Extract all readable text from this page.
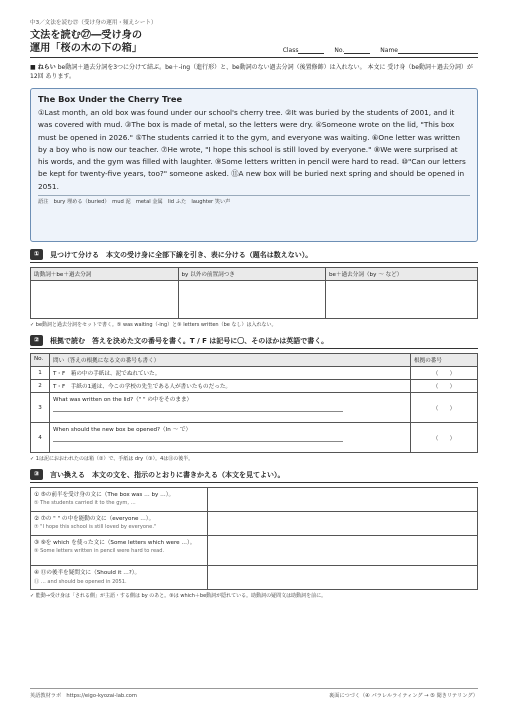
中3／文法を読む㉗（受け身の運用・頻えシート）
文法を読む㉗―受け身の
運用「桜の木の下の箱」	Class	No.	Name
■ ねらい be動詞＋過去分詞を3つに分けて結ぶ。be＋-ing（進行形）と、be動詞のない過去分詞（後置修飾）は入れない。 本文に 受け身（be動詞＋過去分詞）が 12回 あります。
The Box Under the Cherry Tree
①Last month, an old box was found under our school's cherry tree. ②It was buried by the students of 2001, and it was covered with mud. ③The box is made of metal, so the letters were dry. ④Someone wrote on the lid, "This box must be opened in 2026." ⑤The students carried it to the gym, and everyone was waiting. ⑥One letter was written by a boy who is now our teacher. ⑦He wrote, "I hope this school is still loved by everyone." ⑧We were surprised at his words, and the gym was filled with laughter. ⑨Some letters written in pencil were hard to read. ⑩"Can our letters be kept for twenty-five years, too?" someone asked. ⑪A new box will be buried next spring and should be opened in 2051.
語注　bury 埋める（buried）　mud 泥　metal 金属　lid ふた　laughter 笑い声
①	見つけて分ける　本文の受け身に全部下線を引き、表に分ける（題名は数えない）。
助動詞＋be＋過去分詞	by 以外の前置詞つき	be＋過去分詞（by 〜 など）

✓ be動詞と過去分詞をセットで書く。⑤ was waiting（-ing）と⑨ letters written（be なし）は入れない。
②	根拠で読む　答えを決めた文の番号を書く。T / F は記号に〇、そのほかは英語で書く。
No.	問い（答えの根拠になる文の番号も書く）	根拠の番号
1	T・F　箱の中の手紙は、泥でぬれていた。	（　　）
2	T・F　手紙の1通は、今この学校の先生である人が書いたものだった。	（　　）
3	What was written on the lid?（" " の中をそのまま）	（　　）
4	When should the new box be opened?（In 〜 で）	（　　）
✓ 1は泥におおわれたのは箱（②）で、手紙は dry（③）。4は⑪の後半。
③	言い換える　本文の文を、指示のとおりに書きかえる（本文を見てよい）。
① ⑤の前半を受け身の文に（The box was … by …）。
⑤ The students carried it to the gym, …	

② ⑦の " " の中を能動の文に（everyone …）。
⑦ "I hope this school is still loved by everyone."	

③ ⑨を which を使った文に（Some letters which were …）。
⑨ Some letters written in pencil were hard to read.	

④ ⑪の後半を疑問文に（Should it …?）。
⑪ … and should be opened in 2051.	

✓ 能動→受け身は「される側」が主語・する側は by のあと。⑨は which＋be動詞が隠れている。助動詞の疑問文は助動詞を前に。
英語教材ラボ　https://eigo-kyozai-lab.com	裏面につづく（④ パラレルライティング → ⑤ 聞きリテリング）
